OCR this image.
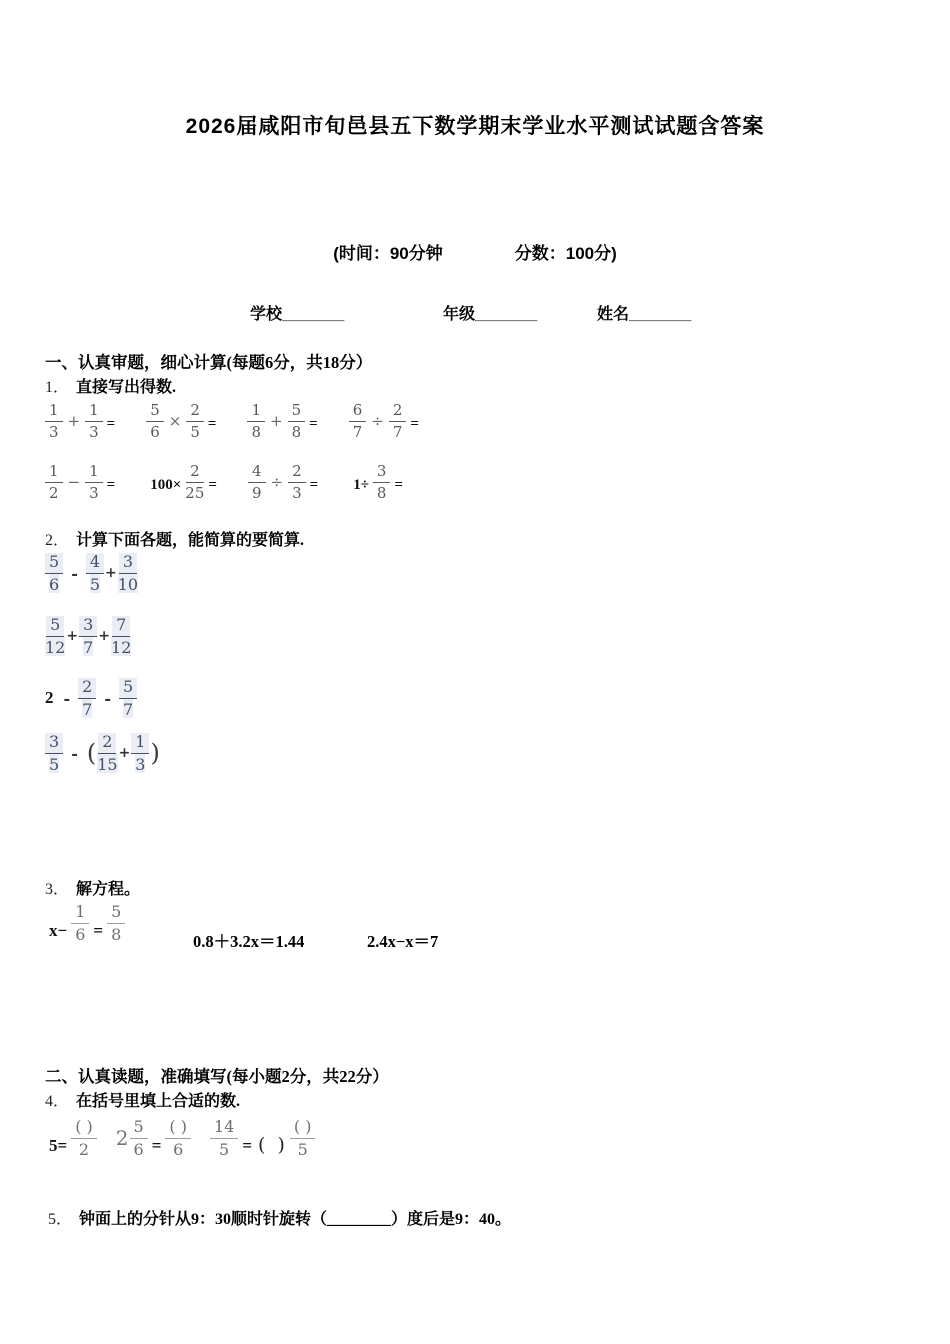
2026届咸阳市旬邑县五下数学期末学业水平测试试题含答案
(时间：90分钟	分数：100分)
学校_______	年级_______	姓名_______
一、认真审题，细心计算(每题6分，共18分）
1． 直接写出得数.
$\frac{1}{3} + \frac{1}{3} = \frac{5}{6} \times \frac{2}{5} = \frac{1}{8} + \frac{5}{8} = \frac{6}{7} \div \frac{2}{7}$ =
$\frac{1}{2} - \frac{1}{3} = 100\times \frac{2}{25} = \frac{4}{9} \div \frac{2}{3} = 1\div \frac{3}{8}$ =
2． 计算下面各题，能简算的要简算.
$\frac{5}{6} - \frac{4}{5} + \frac{3}{10}$
$\frac{5}{12} + \frac{3}{7} + \frac{7}{12}$
$2 - \frac{2}{7} - \frac{5}{7}$
$\frac{3}{5}$ - ( $\frac{2}{15} + \frac{1}{3}$ )
3． 解方程。
$x- \frac{1}{6} = \frac{5}{8}$	0.8＋3.2x＝1.44	2.4x−x＝7
二、认真读题，准确填写(每小题2分，共22分）
4． 在括号里填上合适的数.
$5= \frac{( )}{2} 2 \frac{5}{6} = \frac{( )}{6} \frac{14}{5}$ = ( ) $\frac{( )}{5}$
5． 钟面上的分针从9：30顺时针旋转（________）度后是9：40。
